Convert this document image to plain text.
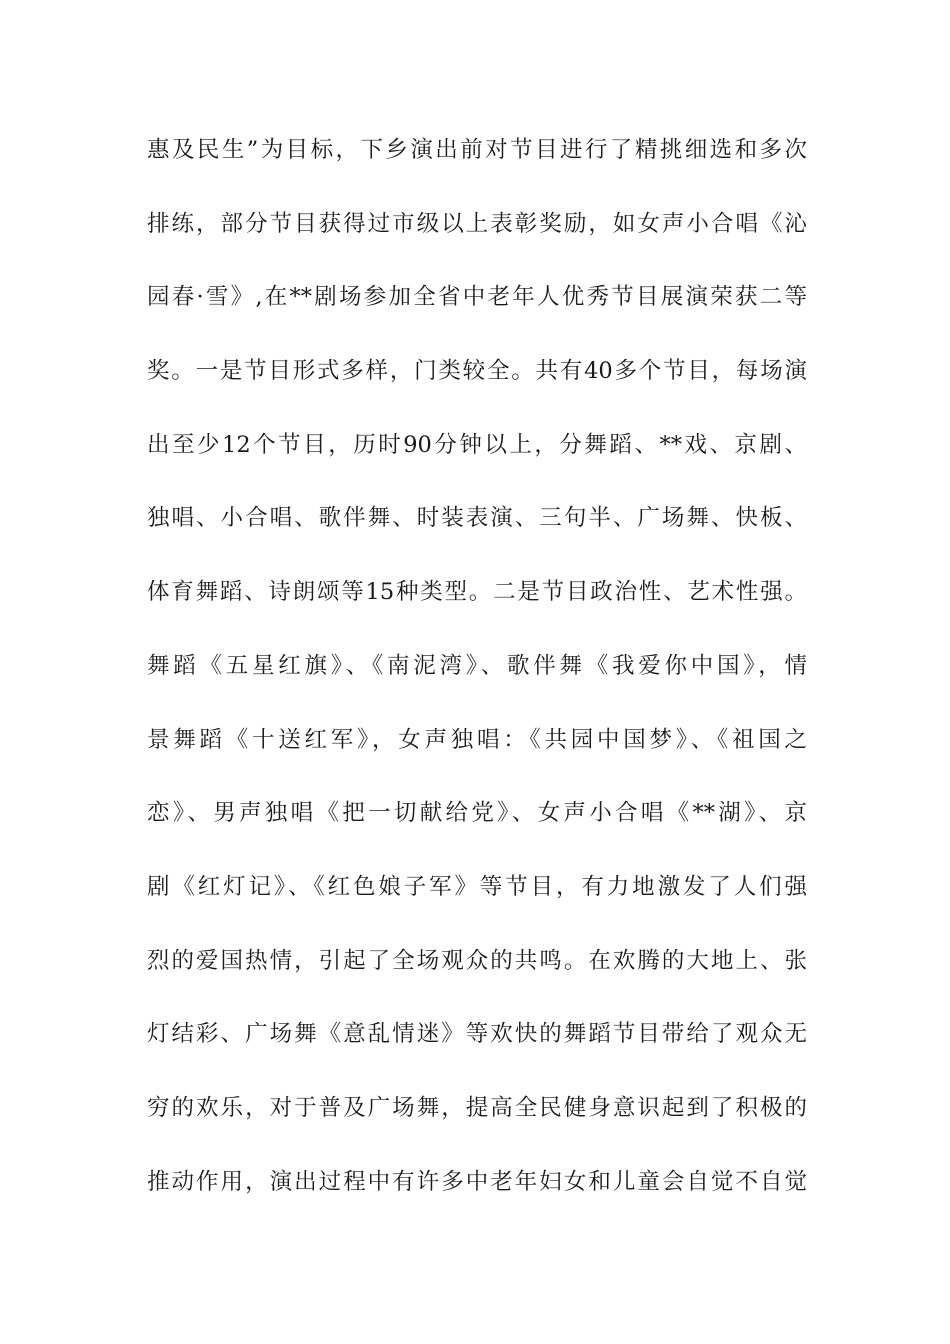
惠及民生”为目标，下乡演出前对节目进行了精挑细选和多次
排练，部分节目获得过市级以上表彰奖励，如女声小合唱《沁
园春·雪》,在**剧场参加全省中老年人优秀节目展演荣获二等
奖。一是节目形式多样，门类较全。共有40多个节目，每场演
出至少12个节目，历时90分钟以上，分舞蹈、**戏、京剧、
独唱、小合唱、歌伴舞、时装表演、三句半、广场舞、快板、
体育舞蹈、诗朗颂等15种类型。二是节目政治性、艺术性强。
舞蹈《五星红旗》、《南泥湾》、歌伴舞《我爱你中国》，情
景舞蹈《十送红军》，女声独唱：《共园中国梦》、《祖国之
恋》、男声独唱《把一切献给党》、女声小合唱《**湖》、京
剧《红灯记》、《红色娘子军》等节目，有力地激发了人们强
烈的爱国热情，引起了全场观众的共鸣。在欢腾的大地上、张
灯结彩、广场舞《意乱情迷》等欢快的舞蹈节目带给了观众无
穷的欢乐，对于普及广场舞，提高全民健身意识起到了积极的
推动作用，演出过程中有许多中老年妇女和儿童会自觉不自觉
